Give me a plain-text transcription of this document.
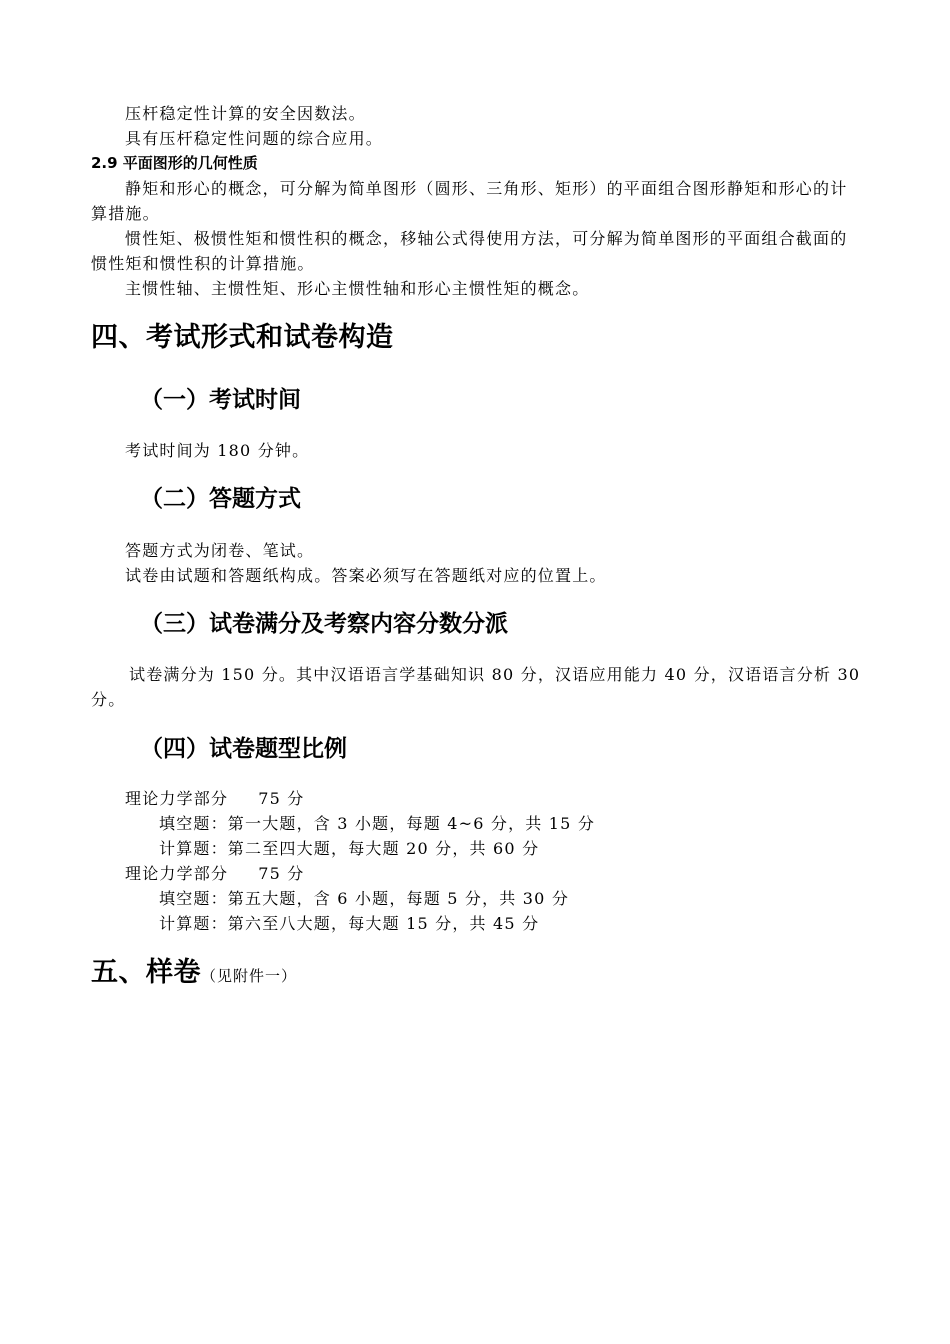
压杆稳定性计算的安全因数法。
具有压杆稳定性问题的综合应用。
2.9 平面图形的几何性质
静矩和形心的概念，可分解为简单图形（圆形、三角形、矩形）的平面组合图形静矩和形心的计算措施。
惯性矩、极惯性矩和惯性积的概念，移轴公式得使用方法，可分解为简单图形的平面组合截面的惯性矩和惯性积的计算措施。
主惯性轴、主惯性矩、形心主惯性轴和形心主惯性矩的概念。
四、考试形式和试卷构造
（一）考试时间
考试时间为 180 分钟。
（二）答题方式
答题方式为闭卷、笔试。
试卷由试题和答题纸构成。答案必须写在答题纸对应的位置上。
（三）试卷满分及考察内容分数分派
试卷满分为 150 分。其中汉语语言学基础知识 80 分，汉语应用能力 40 分，汉语语言分析 30 分。
（四）试卷题型比例
理论力学部分 75 分
填空题：第一大题，含 3 小题，每题 4~6 分，共 15 分
计算题：第二至四大题，每大题 20 分，共 60 分
理论力学部分 75 分
填空题：第五大题，含 6 小题，每题 5 分，共 30 分
计算题：第六至八大题，每大题 15 分，共 45 分
五、样卷（见附件一）
